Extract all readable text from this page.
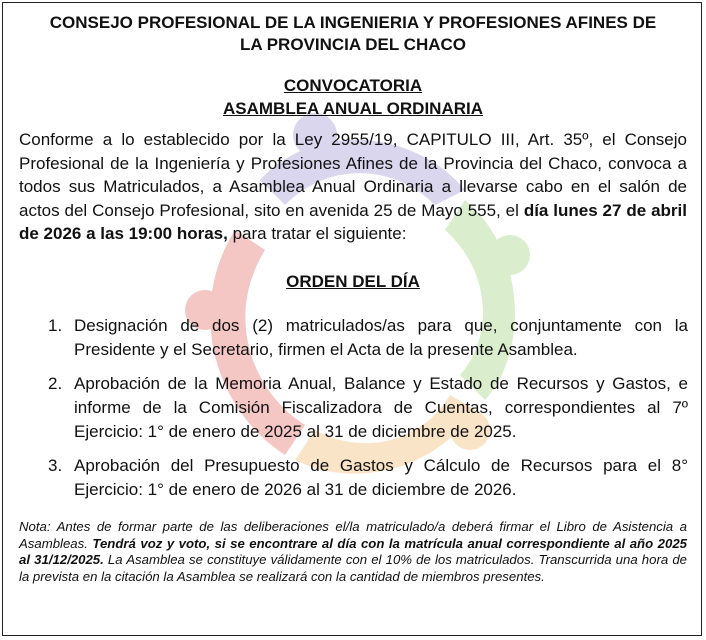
CONSEJO PROFESIONAL DE LA INGENIERIA Y PROFESIONES AFINES DE
LA PROVINCIA DEL CHACO
CONVOCATORIA
ASAMBLEA ANUAL ORDINARIA
Conforme a lo establecido por la Ley 2955/19, CAPITULO III, Art. 35º, el Consejo Profesional de la Ingeniería y Profesiones Afines de la Provincia del Chaco, convoca a todos sus Matriculados, a Asamblea Anual Ordinaria a llevarse cabo en el salón de actos del Consejo Profesional, sito en avenida 25 de Mayo 555, el día lunes 27 de abril de 2026 a las 19:00 horas, para tratar el siguiente:
ORDEN DEL DÍA
1. Designación de dos (2) matriculados/as para que, conjuntamente con la Presidente y el Secretario, firmen el Acta de la presente Asamblea.
2. Aprobación de la Memoria Anual, Balance y Estado de Recursos y Gastos, e informe de la Comisión Fiscalizadora de Cuentas, correspondientes al 7º Ejercicio: 1° de enero de 2025 al 31 de diciembre de 2025.
3. Aprobación del Presupuesto de Gastos y Cálculo de Recursos para el 8° Ejercicio: 1° de enero de 2026 al 31 de diciembre de 2026.
Nota: Antes de formar parte de las deliberaciones el/la matriculado/a deberá firmar el Libro de Asistencia a Asambleas. Tendrá voz y voto, si se encontrare al día con la matrícula anual correspondiente al año 2025 al 31/12/2025. La Asamblea se constituye válidamente con el 10% de los matriculados. Transcurrida una hora de la prevista en la citación la Asamblea se realizará con la cantidad de miembros presentes.
